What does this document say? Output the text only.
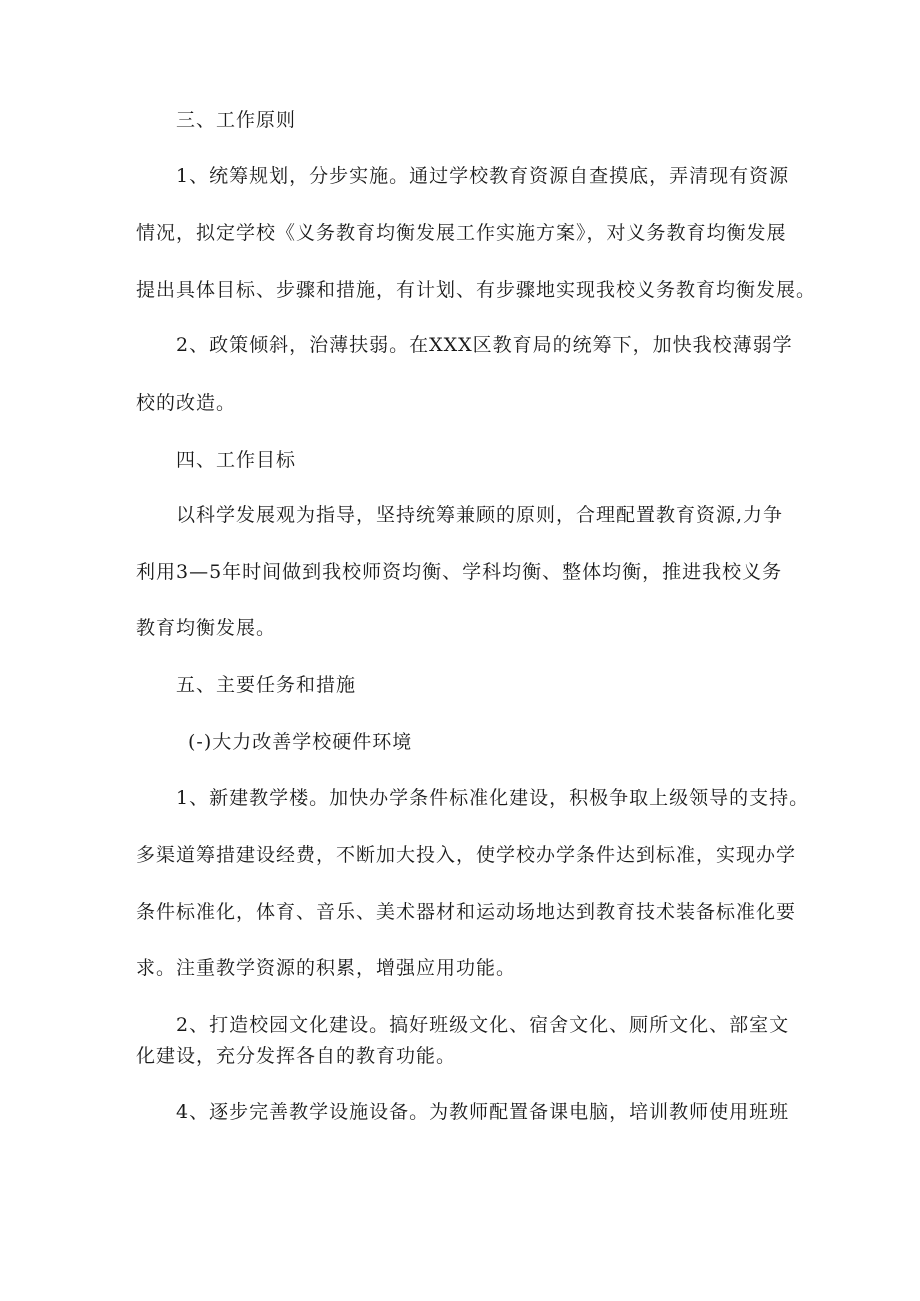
三、工作原则
1、统筹规划，分步实施。通过学校教育资源自查摸底，弄清现有资源
情况，拟定学校《义务教育均衡发展工作实施方案》，对义务教育均衡发展
提出具体目标、步骤和措施，有计划、有步骤地实现我校义务教育均衡发展。
2、政策倾斜，治薄扶弱。在XXX区教育局的统筹下，加快我校薄弱学
校的改造。
四、工作目标
以科学发展观为指导，坚持统筹兼顾的原则，合理配置教育资源,力争
利用3—5年时间做到我校师资均衡、学科均衡、整体均衡，推进我校义务
教育均衡发展。
五、主要任务和措施
(-)大力改善学校硬件环境
1、新建教学楼。加快办学条件标准化建设，积极争取上级领导的支持。
多渠道筹措建设经费，不断加大投入，使学校办学条件达到标准，实现办学
条件标准化，体育、音乐、美术器材和运动场地达到教育技术装备标准化要
求。注重教学资源的积累，增强应用功能。
2、打造校园文化建设。搞好班级文化、宿舍文化、厕所文化、部室文
化建设，充分发挥各自的教育功能。
4、逐步完善教学设施设备。为教师配置备课电脑，培训教师使用班班
